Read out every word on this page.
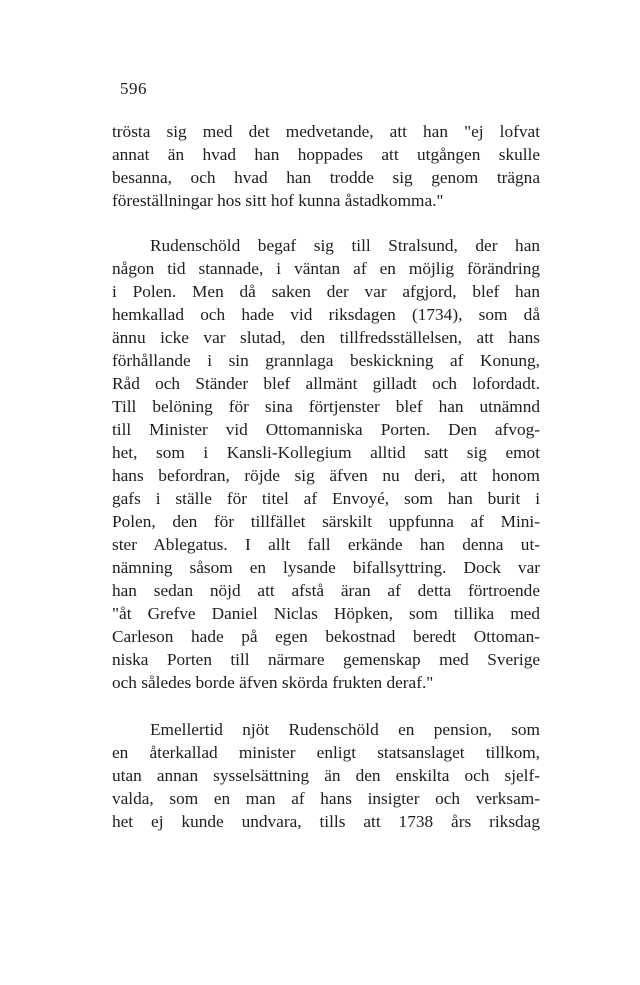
596
trösta sig med det medvetande, att han "ej lofvat
annat än hvad han hoppades att utgången skulle
besanna, och hvad han trodde sig genom trägna
föreställningar hos sitt hof kunna åstadkomma."
Rudenschöld begaf sig till Stralsund, der han
någon tid stannade, i väntan af en möjlig förändring
i Polen. Men då saken der var afgjord, blef han
hemkallad och hade vid riksdagen (1734), som då
ännu icke var slutad, den tillfredsställelsen, att hans
förhållande i sin grannlaga beskickning af Konung,
Råd och Ständer blef allmänt gilladt och lofordadt.
Till belöning för sina förtjenster blef han utnämnd
till Minister vid Ottomanniska Porten. Den afvog-
het, som i Kansli-Kollegium alltid satt sig emot
hans befordran, röjde sig äfven nu deri, att honom
gafs i ställe för titel af Envoyé, som han burit i
Polen, den för tillfället särskilt uppfunna af Mini-
ster Ablegatus. I allt fall erkände han denna ut-
nämning såsom en lysande bifallsyttring. Dock var
han sedan nöjd att afstå äran af detta förtroende
"åt Grefve Daniel Niclas Höpken, som tillika med
Carleson hade på egen bekostnad beredt Ottoman-
niska Porten till närmare gemenskap med Sverige
och således borde äfven skörda frukten deraf."
Emellertid njöt Rudenschöld en pension, som
en återkallad minister enligt statsanslaget tillkom,
utan annan sysselsättning än den enskilta och sjelf-
valda, som en man af hans insigter och verksam-
het ej kunde undvara, tills att 1738 års riksdag
